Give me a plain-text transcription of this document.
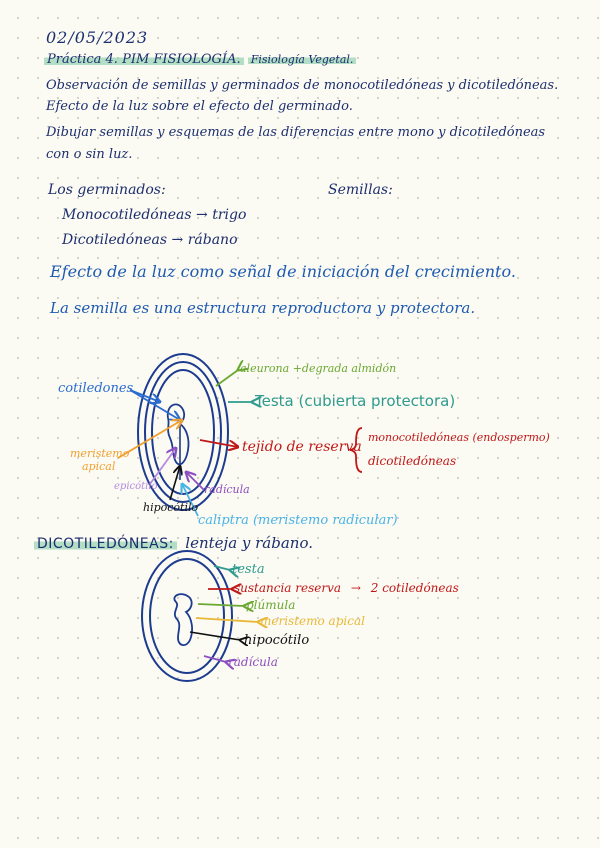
02/05/2023
Práctica 4. PIM FISIOLOGÍA. Fisiología Vegetal.
Observación de semillas y germinados de monocotiledóneas y dicotiledóneas.
Efecto de la luz sobre el efecto del germinado.
Dibujar semillas y esquemas de las diferencias entre mono y dicotiledóneas
con o sin luz.
Los germinados:	Semillas:
Monocotiledóneas → trigo
Dicotiledóneas → rábano
Efecto de la luz como señal de iniciación del crecimiento.
La semilla es una estructura reproductora y protectora.
aleurona +degrada almidón
Testa (cubierta protectora)
cotiledones
tejido de reserva
monocotiledóneas (endospermo)
dicotiledóneas
meristemo
apical
epicótilo	radícula
hipocótilo
caliptra (meristemo radicular)
DICOTILEDÓNEAS: lenteja y rábano.
testa
sustancia reserva → 2 cotiledóneas
plúmula
meristemo apical
hipocótilo
radícula
